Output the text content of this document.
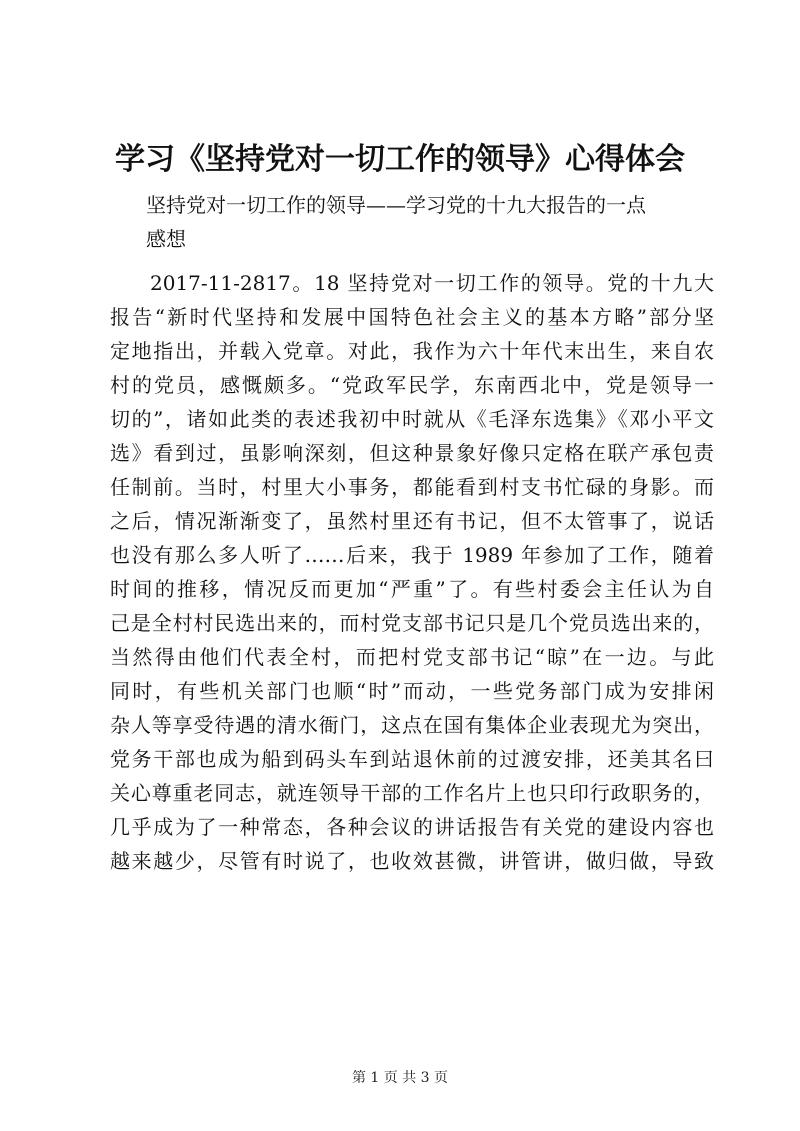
学习《坚持党对一切工作的领导》心得体会
坚持党对一切工作的领导——学习党的十九大报告的一点
感想
2017-11-2817。18 坚持党对一切工作的领导。党的十九大
报告“新时代坚持和发展中国特色社会主义的基本方略”部分坚
定地指出，并载入党章。对此，我作为六十年代末出生，来自农
村的党员，感慨颇多。“党政军民学，东南西北中，党是领导一
切的”，诸如此类的表述我初中时就从《毛泽东选集》《邓小平文
选》看到过，虽影响深刻，但这种景象好像只定格在联产承包责
任制前。当时，村里大小事务，都能看到村支书忙碌的身影。而
之后，情况渐渐变了，虽然村里还有书记，但不太管事了，说话
也没有那么多人听了……后来，我于 1989 年参加了工作，随着
时间的推移，情况反而更加“严重”了。有些村委会主任认为自
己是全村村民选出来的，而村党支部书记只是几个党员选出来的，
当然得由他们代表全村，而把村党支部书记“晾”在一边。与此
同时，有些机关部门也顺“时”而动，一些党务部门成为安排闲
杂人等享受待遇的清水衙门，这点在国有集体企业表现尤为突出，
党务干部也成为船到码头车到站退休前的过渡安排，还美其名曰
关心尊重老同志，就连领导干部的工作名片上也只印行政职务的，
几乎成为了一种常态，各种会议的讲话报告有关党的建设内容也
越来越少，尽管有时说了，也收效甚微，讲管讲，做归做，导致
第 1 页 共 3 页
